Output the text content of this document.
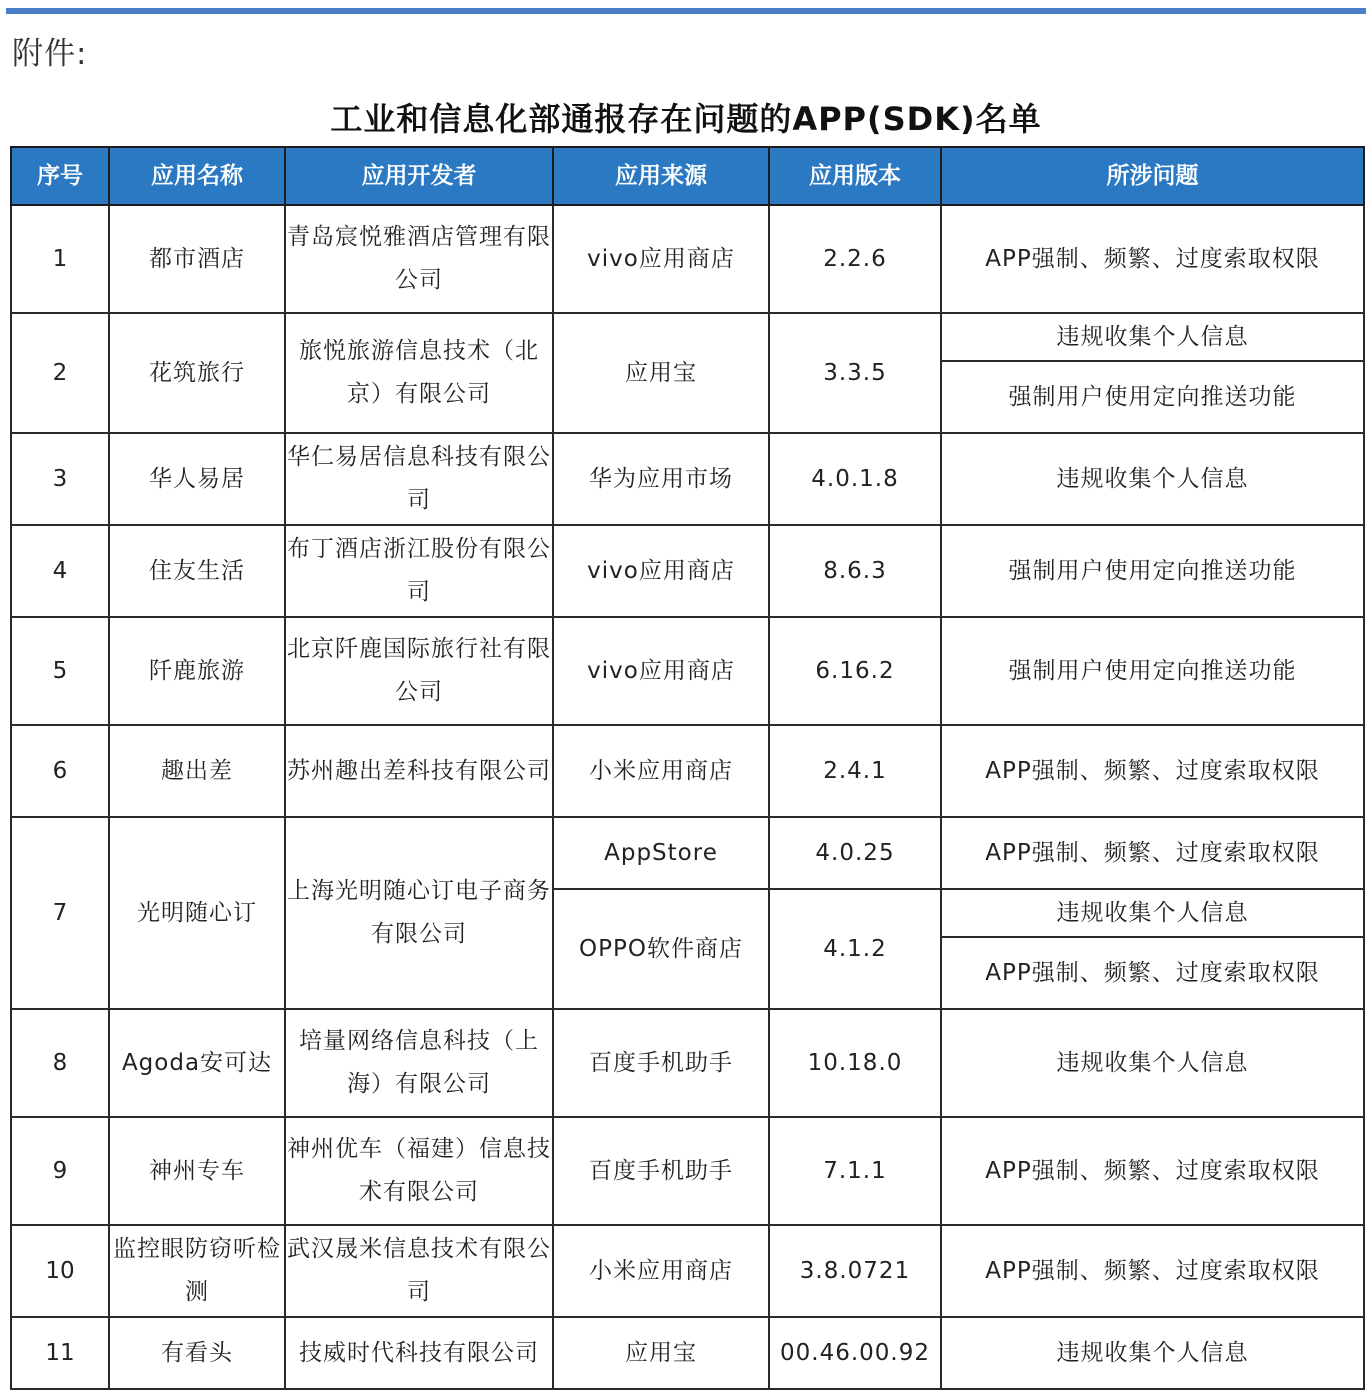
附件:
工业和信息化部通报存在问题的APP(SDK)名单
序号	应用名称	应用开发者	应用来源	应用版本	所涉问题
1	都市酒店	青岛宸悦雅酒店管理有限公司	vivo应用商店	2.2.6	APP强制、频繁、过度索取权限
2	花筑旅行	旅悦旅游信息技术（北京）有限公司	应用宝	3.3.5	违规收集个人信息
					强制用户使用定向推送功能
3	华人易居	华仁易居信息科技有限公司	华为应用市场	4.0.1.8	违规收集个人信息
4	住友生活	布丁酒店浙江股份有限公司	vivo应用商店	8.6.3	强制用户使用定向推送功能
5	阡鹿旅游	北京阡鹿国际旅行社有限公司	vivo应用商店	6.16.2	强制用户使用定向推送功能
6	趣出差	苏州趣出差科技有限公司	小米应用商店	2.4.1	APP强制、频繁、过度索取权限
7	光明随心订	上海光明随心订电子商务有限公司	AppStore	4.0.25	APP强制、频繁、过度索取权限
			OPPO软件商店	4.1.2	违规收集个人信息
					APP强制、频繁、过度索取权限
8	Agoda安可达	培量网络信息科技（上海）有限公司	百度手机助手	10.18.0	违规收集个人信息
9	神州专车	神州优车（福建）信息技术有限公司	百度手机助手	7.1.1	APP强制、频繁、过度索取权限
10	监控眼防窃听检测	武汉晟米信息技术有限公司	小米应用商店	3.8.0721	APP强制、频繁、过度索取权限
11	有看头	技威时代科技有限公司	应用宝	00.46.00.92	违规收集个人信息
